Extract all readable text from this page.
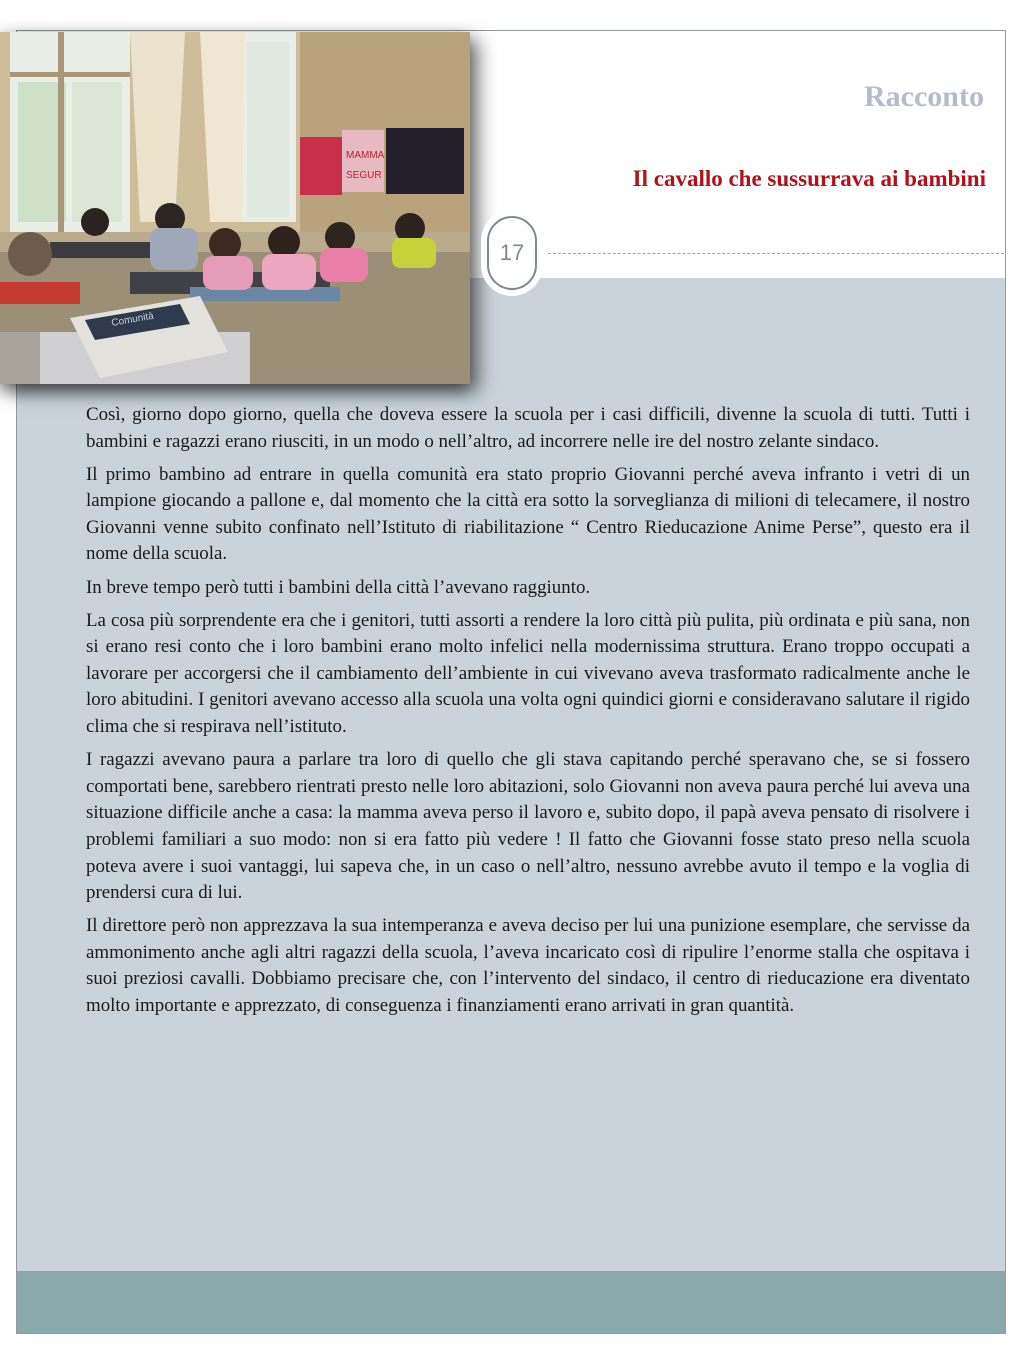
MAMMA
SEGUR
Comunità
Racconto
Il cavallo che sussurrava ai bambini
17

Così, giorno dopo giorno, quella che doveva essere la scuola per i casi difficili, divenne la scuola di tutti. Tutti i bambini e ragazzi erano riusciti, in un modo o nell’altro, ad incorrere nelle ire del nostro zelante sindaco.

Il primo bambino ad entrare in quella comunità era stato proprio Giovanni perché aveva infranto i vetri di un lampione giocando a pallone e, dal momento che la città era sotto la sorveglianza di milioni di telecamere, il nostro Giovanni venne subito confinato nell’Istituto di riabilitazione “ Centro Rieducazione Anime Perse”, questo era il nome della scuola.

In breve tempo però tutti i bambini della città l’avevano raggiunto.

La cosa più sorprendente era che i genitori, tutti assorti a rendere la loro città più pulita, più ordinata e più sana, non si erano resi conto che i loro bambini erano molto infelici nella modernissima struttura. Erano troppo occupati a lavorare per accorgersi che il cambiamento dell’ambiente in cui vivevano aveva trasformato radicalmente anche le loro abitudini. I genitori avevano accesso alla scuola una volta ogni quindici giorni e consideravano salutare il rigido clima che si respirava nell’istituto.

I ragazzi avevano paura a parlare tra loro di quello che gli stava capitando perché speravano che, se si fossero comportati bene, sarebbero rientrati presto nelle loro abitazioni, solo Giovanni non aveva paura perché lui aveva una situazione difficile anche a casa: la mamma aveva perso il lavoro e, subito dopo, il papà aveva pensato di risolvere i problemi familiari a suo modo: non si era fatto più vedere ! Il fatto che Giovanni fosse stato preso nella scuola poteva avere i suoi vantaggi, lui sapeva che, in un caso o nell’altro, nessuno avrebbe avuto il tempo e la voglia di prendersi cura di lui.

Il direttore però non apprezzava la sua intemperanza e aveva deciso per lui una punizione esemplare, che servisse da ammonimento anche agli altri ragazzi della scuola, l’aveva incaricato così di ripulire l’enorme stalla che ospitava i suoi preziosi cavalli. Dobbiamo precisare che, con l’intervento del sindaco, il centro di rieducazione era diventato molto importante e apprezzato, di conseguenza i finanziamenti erano arrivati in gran quantità.
